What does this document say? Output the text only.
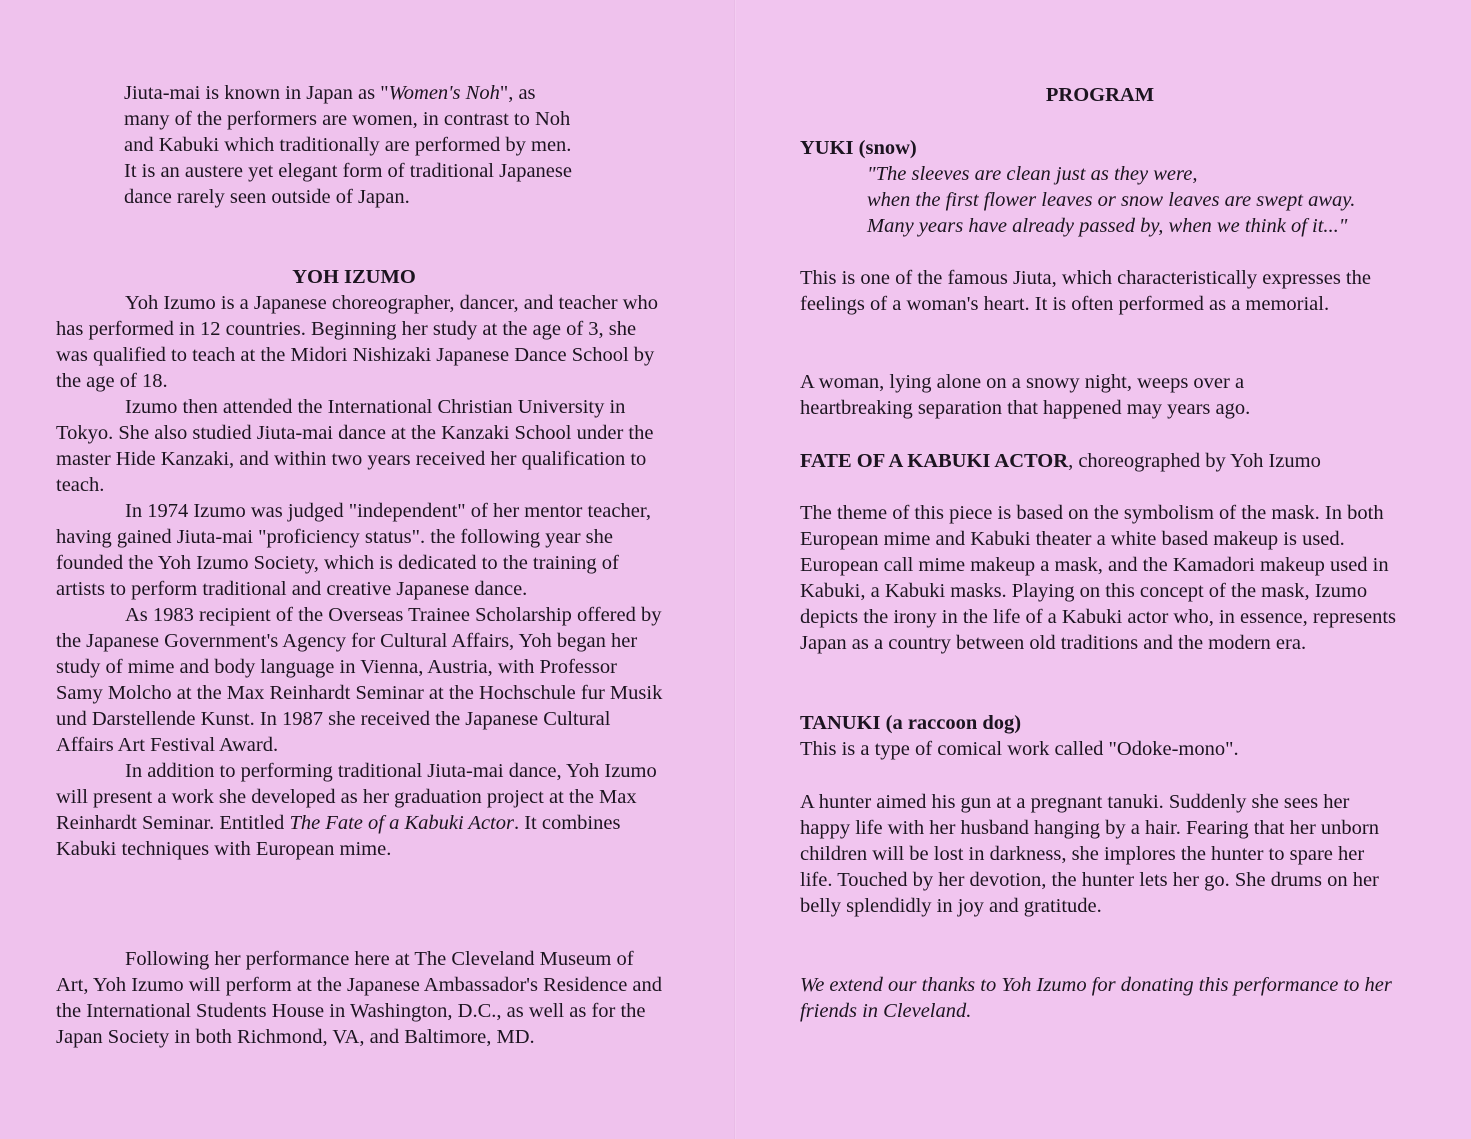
Jiuta-mai is known in Japan as "Women's Noh", as many of the performers are women, in contrast to Noh and Kabuki which traditionally are performed by men. It is an austere yet elegant form of traditional Japanese dance rarely seen outside of Japan.
YOH IZUMO

Yoh Izumo is a Japanese choreographer, dancer, and teacher who has performed in 12 countries. Beginning her study at the age of 3, she was qualified to teach at the Midori Nishizaki Japanese Dance School by the age of 18.

Izumo then attended the International Christian University in Tokyo. She also studied Jiuta-mai dance at the Kanzaki School under the master Hide Kanzaki, and within two years received her qualification to teach.

In 1974 Izumo was judged "independent" of her mentor teacher, having gained Jiuta-mai "proficiency status". the following year she founded the Yoh Izumo Society, which is dedicated to the training of artists to perform traditional and creative Japanese dance.

As 1983 recipient of the Overseas Trainee Scholarship offered by the Japanese Government's Agency for Cultural Affairs, Yoh began her study of mime and body language in Vienna, Austria, with Professor Samy Molcho at the Max Reinhardt Seminar at the Hochschule fur Musik und Darstellende Kunst. In 1987 she received the Japanese Cultural Affairs Art Festival Award.

In addition to performing traditional Jiuta-mai dance, Yoh Izumo will present a work she developed as her graduation project at the Max Reinhardt Seminar. Entitled The Fate of a Kabuki Actor. It combines Kabuki techniques with European mime.

Following her performance here at The Cleveland Museum of Art, Yoh Izumo will perform at the Japanese Ambassador's Residence and the International Students House in Washington, D.C., as well as for the Japan Society in both Richmond, VA, and Baltimore, MD.

PROGRAM
YUKI (snow)

"The sleeves are clean just as they were,

when the first flower leaves or snow leaves are swept away.

Many years have already passed by, when we think of it..."

This is one of the famous Jiuta, which characteristically expresses the feelings of a woman's heart. It is often performed as a memorial.
A woman, lying alone on a snowy night, weeps over a heartbreaking separation that happened may years ago.
FATE OF A KABUKI ACTOR, choreographed by Yoh Izumo
The theme of this piece is based on the symbolism of the mask. In both European mime and Kabuki theater a white based makeup is used. European call mime makeup a mask, and the Kamadori makeup used in Kabuki, a Kabuki masks. Playing on this concept of the mask, Izumo depicts the irony in the life of a Kabuki actor who, in essence, represents Japan as a country between old traditions and the modern era.
TANUKI (a raccoon dog)
This is a type of comical work called "Odoke-mono".
A hunter aimed his gun at a pregnant tanuki. Suddenly she sees her happy life with her husband hanging by a hair. Fearing that her unborn children will be lost in darkness, she implores the hunter to spare her life. Touched by her devotion, the hunter lets her go. She drums on her belly splendidly in joy and gratitude.
We extend our thanks to Yoh Izumo for donating this performance to her friends in Cleveland.
